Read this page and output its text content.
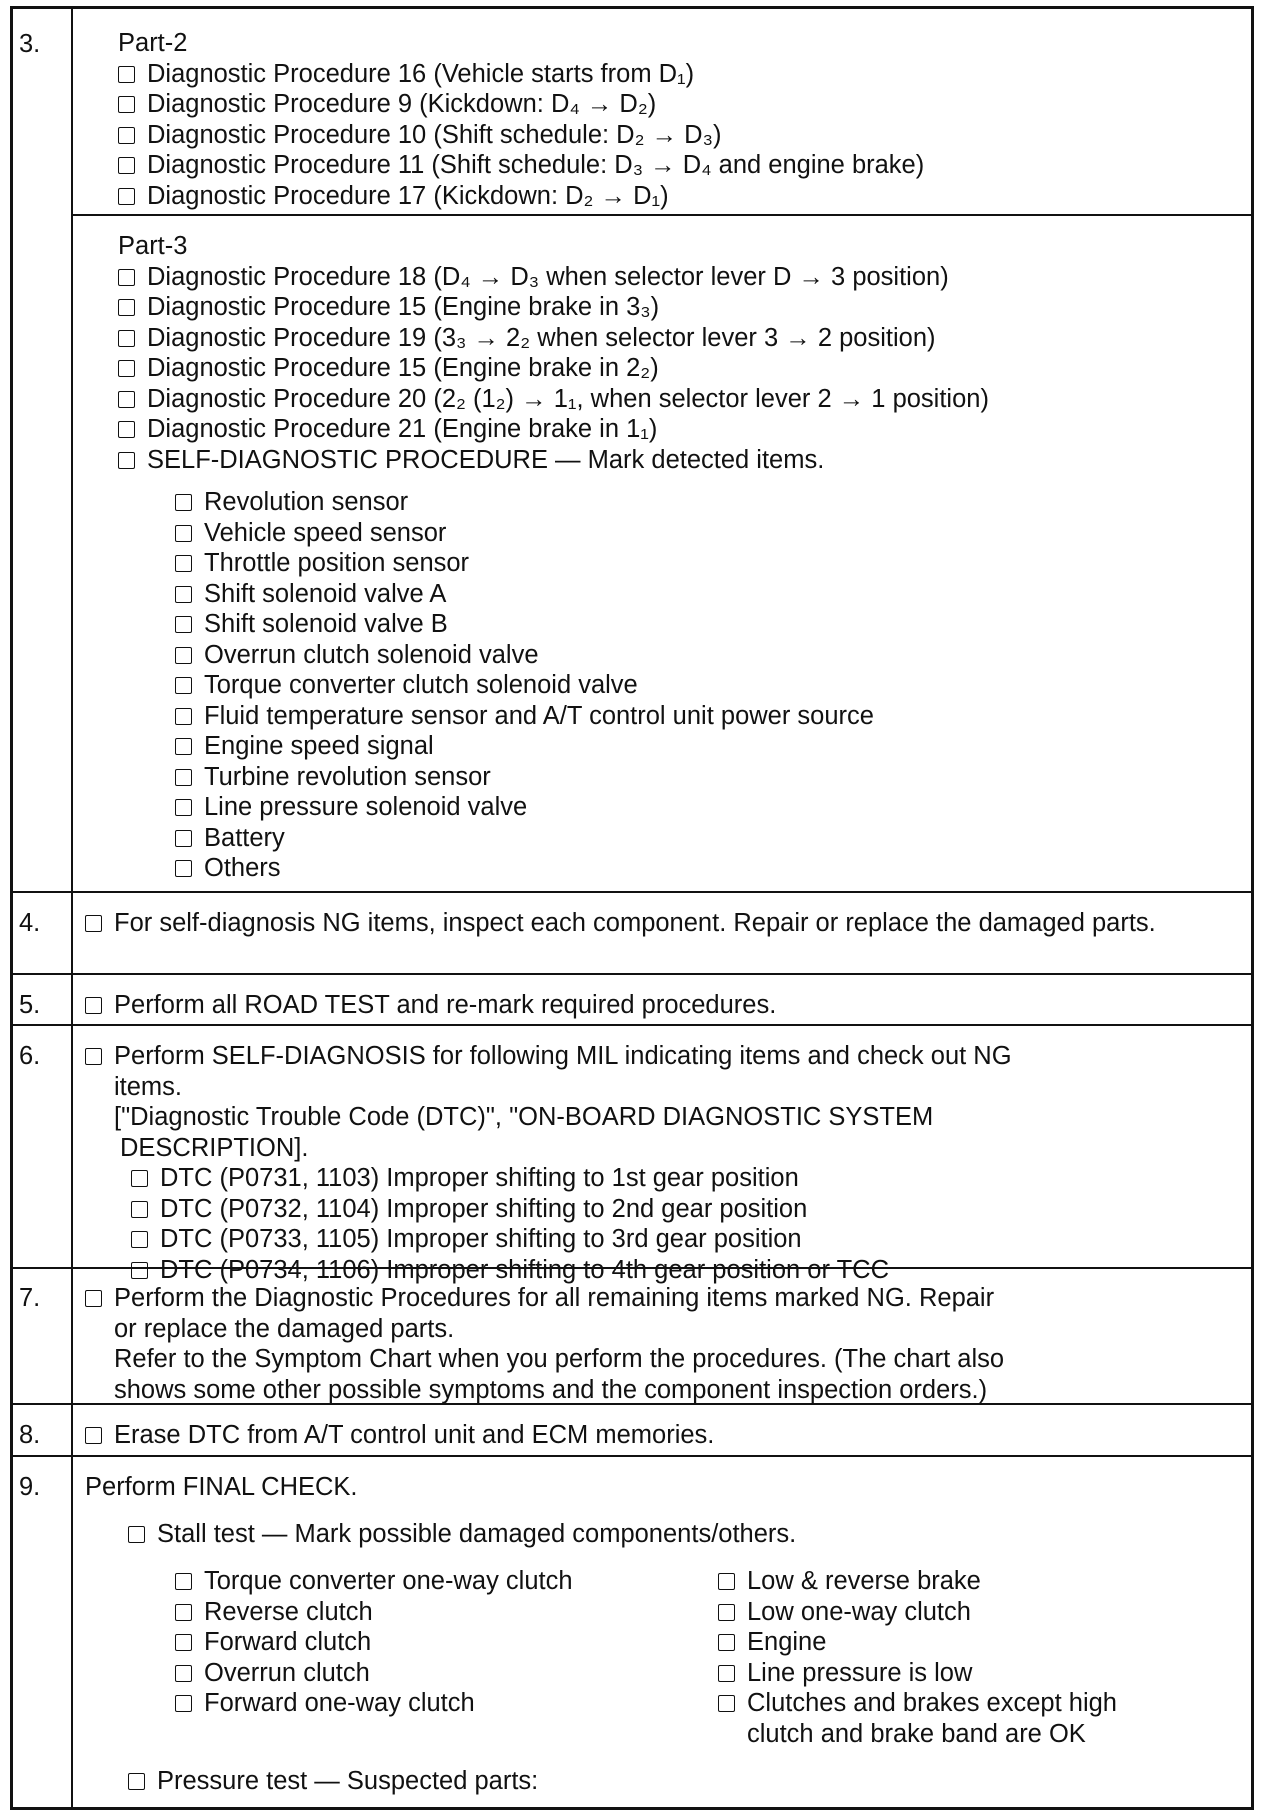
3.	Part-2
Diagnostic Procedure 16 (Vehicle starts from D₁)
Diagnostic Procedure 9 (Kickdown: D₄ → D₂)
Diagnostic Procedure 10 (Shift schedule: D₂ → D₃)
Diagnostic Procedure 11 (Shift schedule: D₃ → D₄ and engine brake)
Diagnostic Procedure 17 (Kickdown: D₂ → D₁)
Part-3
Diagnostic Procedure 18 (D₄ → D₃ when selector lever D → 3 position)
Diagnostic Procedure 15 (Engine brake in 3₃)
Diagnostic Procedure 19 (3₃ → 2₂ when selector lever 3 → 2 position)
Diagnostic Procedure 15 (Engine brake in 2₂)
Diagnostic Procedure 20 (2₂ (1₂) → 1₁, when selector lever 2 → 1 position)
Diagnostic Procedure 21 (Engine brake in 1₁)
SELF-DIAGNOSTIC PROCEDURE — Mark detected items.
Revolution sensor
Vehicle speed sensor
Throttle position sensor
Shift solenoid valve A
Shift solenoid valve B
Overrun clutch solenoid valve
Torque converter clutch solenoid valve
Fluid temperature sensor and A/T control unit power source
Engine speed signal
Turbine revolution sensor
Line pressure solenoid valve
Battery
Others
4.	For self-diagnosis NG items, inspect each component. Repair or replace the damaged parts.
5.	Perform all ROAD TEST and re-mark required procedures.
6.	Perform SELF-DIAGNOSIS for following MIL indicating items and check out NG
items.
["Diagnostic Trouble Code (DTC)", "ON-BOARD DIAGNOSTIC SYSTEM
DESCRIPTION].
DTC (P0731, 1103) Improper shifting to 1st gear position
DTC (P0732, 1104) Improper shifting to 2nd gear position
DTC (P0733, 1105) Improper shifting to 3rd gear position
DTC (P0734, 1106) Improper shifting to 4th gear position or TCC
7.	Perform the Diagnostic Procedures for all remaining items marked NG. Repair
or replace the damaged parts.
Refer to the Symptom Chart when you perform the procedures. (The chart also
shows some other possible symptoms and the component inspection orders.)
8.	Erase DTC from A/T control unit and ECM memories.
9. Perform FINAL CHECK.
Stall test — Mark possible damaged components/others.
Torque converter one-way clutch
Reverse clutch
Forward clutch
Overrun clutch
Forward one-way clutch
Low & reverse brake
Low one-way clutch
Engine
Line pressure is low
Clutches and brakes except high
clutch and brake band are OK
Pressure test — Suspected parts:
